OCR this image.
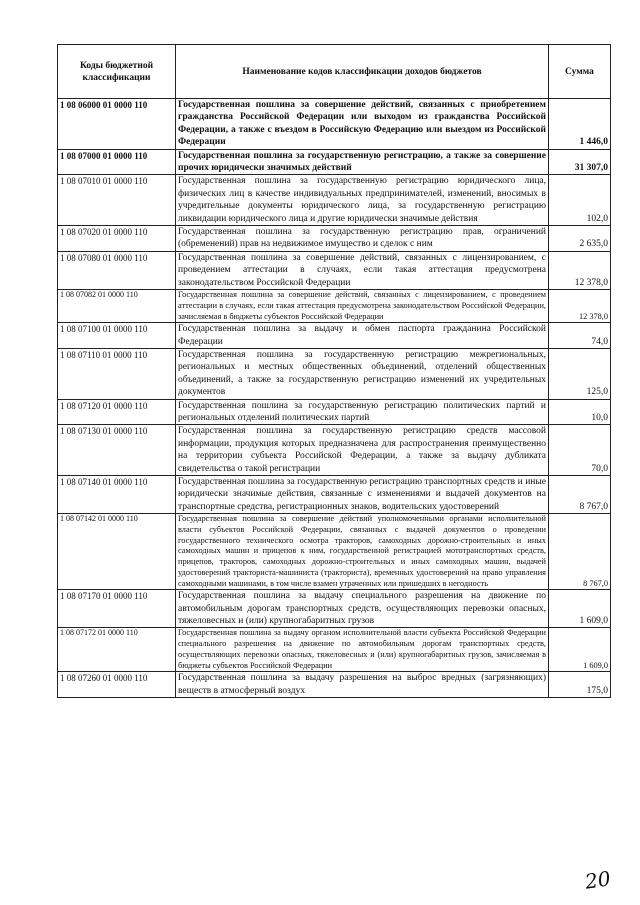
Коды бюджетной классификации	Наименование кодов классификации доходов бюджетов	Сумма
1 08 06000 01 0000 110	Государственная пошлина за совершение действий, связанных с приобретением гражданства Российской Федерации или выходом из гражданства Российской Федерации, а также с въездом в Российскую Федерацию или выездом из Российской Федерации	1 446,0
1 08 07000 01 0000 110	Государственная пошлина за государственную регистрацию, а также за совершение прочих юридически значимых действий	31 307,0
1 08 07010 01 0000 110	Государственная пошлина за государственную регистрацию юридического лица, физических лиц в качестве индивидуальных предпринимателей, изменений, вносимых в учредительные документы юридического лица, за государственную регистрацию ликвидации юридического лица и другие юридически значимые действия	102,0
1 08 07020 01 0000 110	Государственная пошлина за государственную регистрацию прав, ограничений (обременений) прав на недвижимое имущество и сделок с ним	2 635,0
1 08 07080 01 0000 110	Государственная пошлина за совершение действий, связанных с лицензированием, с проведением аттестации в случаях, если такая аттестация предусмотрена законодательством Российской Федерации	12 378,0
1 08 07082 01 0000 110	Государственная пошлина за совершение действий, связанных с лицензированием, с проведением аттестации в случаях, если такая аттестация предусмотрена законодательством Российской Федерации, зачисляемая в бюджеты субъектов Российской Федерации	12 378,0
1 08 07100 01 0000 110	Государственная пошлина за выдачу и обмен паспорта гражданина Российской Федерации	74,0
1 08 07110 01 0000 110	Государственная пошлина за государственную регистрацию межрегиональных, региональных и местных общественных объединений, отделений общественных объединений, а также за государственную регистрацию изменений их учредительных документов	125,0
1 08 07120 01 0000 110	Государственная пошлина за государственную регистрацию политических партий и региональных отделений политических партий	10,0
1 08 07130 01 0000 110	Государственная пошлина за государственную регистрацию средств массовой информации, продукция которых предназначена для распространения преимущественно на территории субъекта Российской Федерации, а также за выдачу дубликата свидетельства о такой регистрации	70,0
1 08 07140 01 0000 110	Государственная пошлина за государственную регистрацию транспортных средств и иные юридически значимые действия, связанные с изменениями и выдачей документов на транспортные средства, регистрационных знаков, водительских удостоверений	8 767,0
1 08 07142 01 0000 110	Государственная пошлина за совершение действий уполномоченными органами исполнительной власти субъектов Российской Федерации, связанных с выдачей документов о проведении государственного технического осмотра тракторов, самоходных дорожно-строительных и иных самоходных машин и прицепов к ним, государственной регистрацией мототранспортных средств, прицепов, тракторов, самоходных дорожно-строительных и иных самоходных машин, выдачей удостоверений тракториста-машиниста (тракториста), временных удостоверений на право управления самоходными машинами, в том числе взамен утраченных или пришедших в негодность	8 767,0
1 08 07170 01 0000 110	Государственная пошлина за выдачу специального разрешения на движение по автомобильным дорогам транспортных средств, осуществляющих перевозки опасных, тяжеловесных и (или) крупногабаритных грузов	1 609,0
1 08 07172 01 0000 110	Государственная пошлина за выдачу органом исполнительной власти субъекта Российской Федерации специального разрешения на движение по автомобильным дорогам транспортных средств, осуществляющих перевозки опасных, тяжеловесных и (или) крупногабаритных грузов, зачисляемая в бюджеты субъектов Российской Федерации	1 609,0
1 08 07260 01 0000 110	Государственная пошлина за выдачу разрешения на выброс вредных (загрязняющих) веществ в атмосферный воздух	175,0
20
